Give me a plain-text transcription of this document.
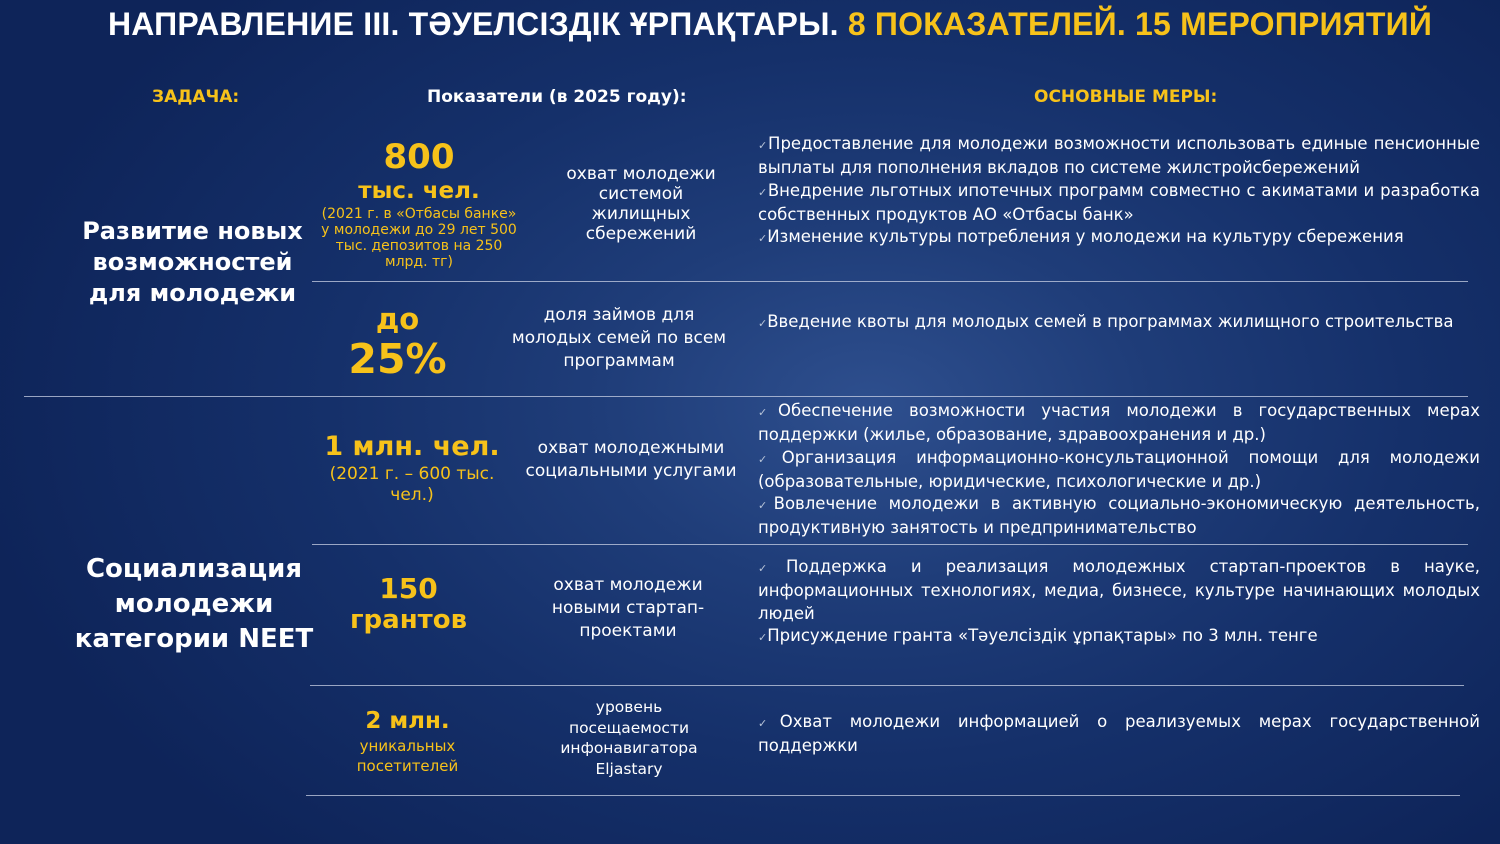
НАПРАВЛЕНИЕ III. ТӘУЕЛСІЗДІК ҰРПАҚТАРЫ. 8 ПОКАЗАТЕЛЕЙ. 15 МЕРОПРИЯТИЙ
ЗАДАЧА:	Показатели (в 2025 году):	ОСНОВНЫЕ МЕРЫ:
Развитие новых возможностей для молодежи
Социализация молодежи категории NEET
800
тыс. чел.
(2021 г. в «Отбасы банке» у молодежи до 29 лет 500 тыс. депозитов на 250 млрд. тг)
охват молодежи системой жилищных сбережений

✓Предоставление для молодежи возможности использовать единые пенсионные выплаты для пополнения вкладов по системе жилстройсбережений

✓Внедрение льготных ипотечных программ совместно с акиматами и разработка собственных продуктов АО «Отбасы банк»

✓Изменение культуры потребления у молодежи на культуру сбережения

до
25%
доля займов для молодых семей по всем программам

✓Введение квоты для молодых семей в программах жилищного строительства

1 млн. чел.
(2021 г. – 600 тыс. чел.)
охват молодежными социальными услугами

✓Обеспечение возможности участия молодежи в государственных мерах поддержки (жилье, образование, здравоохранения и др.)

✓Организация информационно-консультационной помощи для молодежи (образовательные, юридические, психологические и др.)

✓Вовлечение молодежи в активную социально-экономическую деятельность, продуктивную занятость и предпринимательство

150
грантов
охват молодежи новыми стартап-проектами

✓Поддержка и реализация молодежных стартап-проектов в науке, информационных технологиях, медиа, бизнесе, культуре начинающих молодых людей

✓Присуждение гранта «Тәуелсіздік ұрпақтары» по 3 млн. тенге

2 млн.
уникальных посетителей
уровень посещаемости инфонавигатора Eljastary

✓Охват молодежи информацией о реализуемых мерах государственной поддержки
